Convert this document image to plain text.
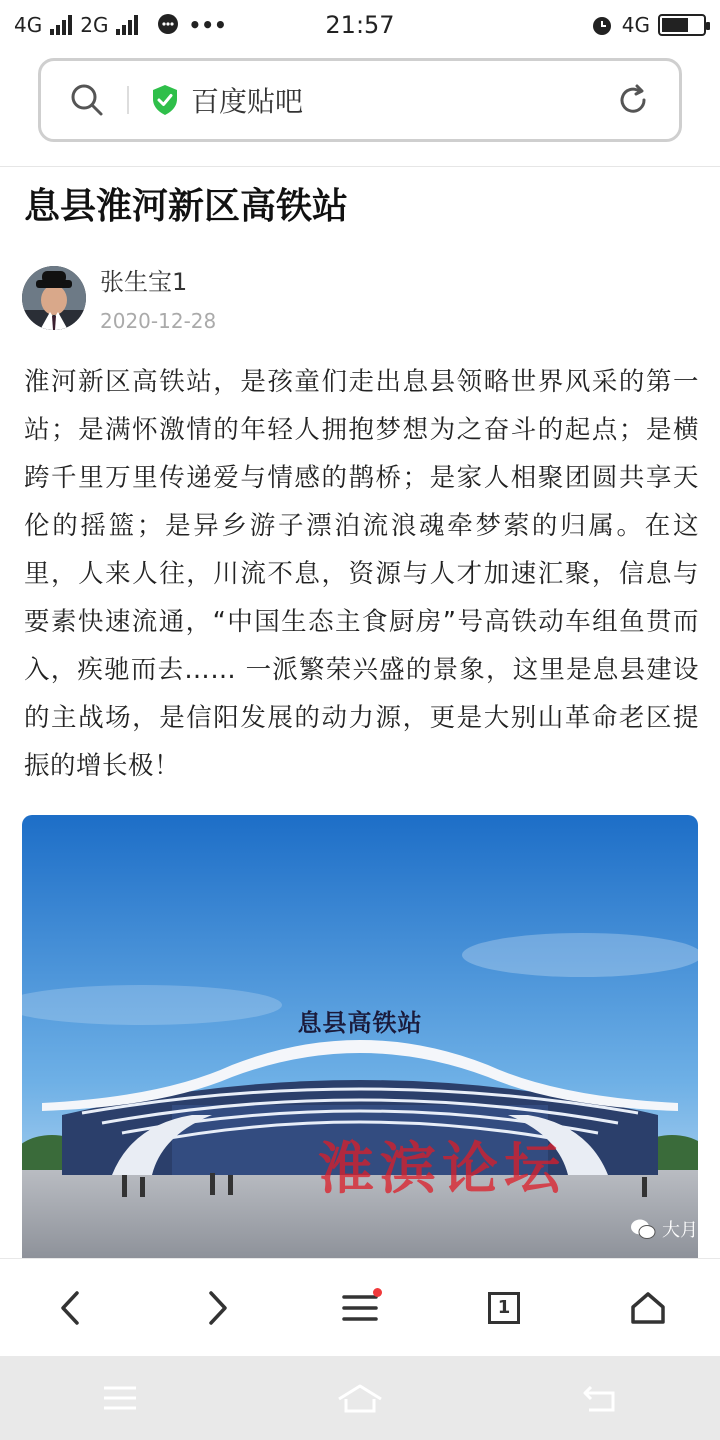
4G 2G	•••	21:57	4G
百度贴吧
息县淮河新区高铁站
张生宝1
2020-12-28

淮河新区高铁站，是孩童们走出息县领略世界风采的第一站；是满怀激情的年轻人拥抱梦想为之奋斗的起点；是横跨千里万里传递爱与情感的鹊桥；是家人相聚团圆共享天伦的摇篮；是异乡游子漂泊流浪魂牵梦萦的归属。在这里，人来人往，川流不息，资源与人才加速汇聚，信息与要素快速流通，“中国生态主食厨房”号高铁动车组鱼贯而入，疾驰而去…… 一派繁荣兴盛的景象，这里是息县建设的主战场，是信阳发展的动力源，更是大别山革命老区提振的增长极！

息县高铁站
淮滨论坛
大月
1
